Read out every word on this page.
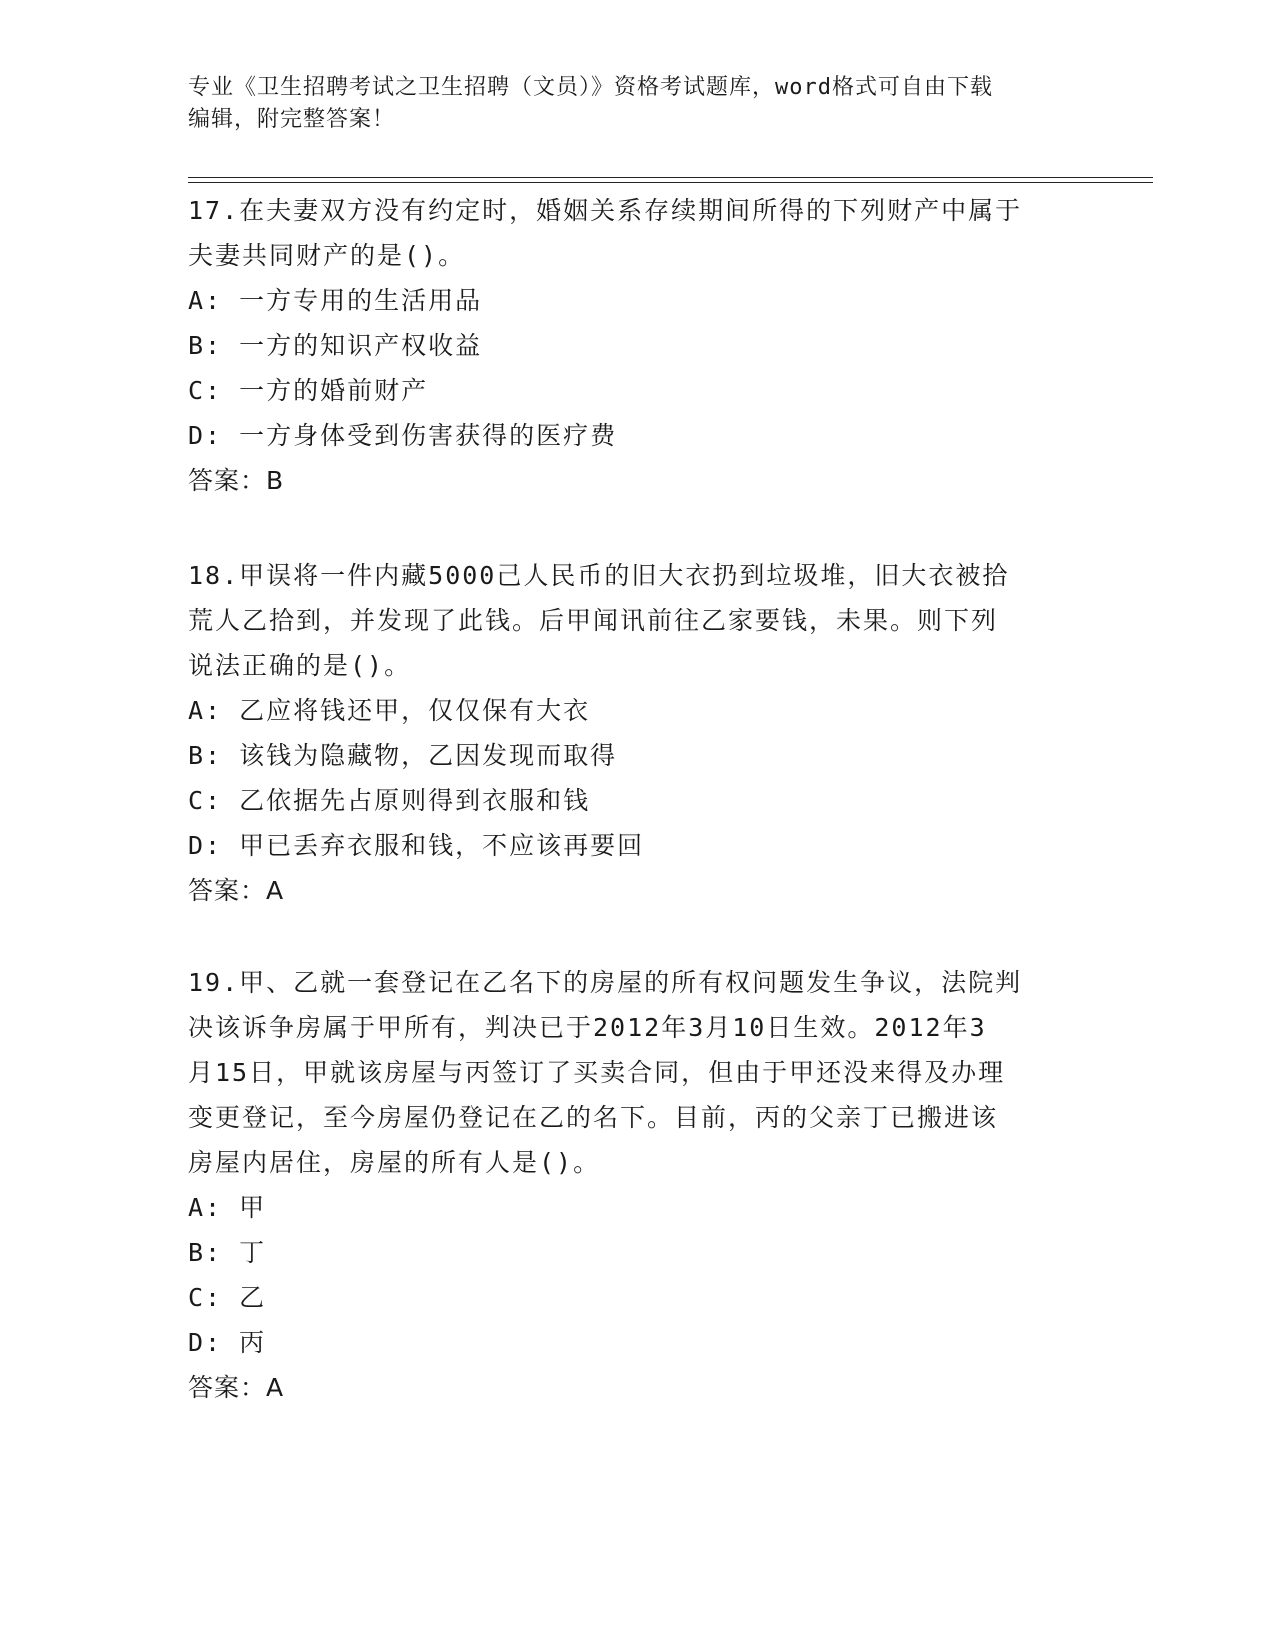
专业《卫生招聘考试之卫生招聘（文员）》资格考试题库，word格式可自由下载
编辑，附完整答案！
17.在夫妻双方没有约定时，婚姻关系存续期间所得的下列财产中属于
夫妻共同财产的是()。
A: 一方专用的生活用品
B: 一方的知识产权收益
C: 一方的婚前财产
D: 一方身体受到伤害获得的医疗费
答案：B
18.甲误将一件内藏5000己人民币的旧大衣扔到垃圾堆，旧大衣被拾
荒人乙拾到，并发现了此钱。后甲闻讯前往乙家要钱，未果。则下列
说法正确的是()。
A: 乙应将钱还甲，仅仅保有大衣
B: 该钱为隐藏物，乙因发现而取得
C: 乙依据先占原则得到衣服和钱
D: 甲已丢弃衣服和钱，不应该再要回
答案：A
19.甲、乙就一套登记在乙名下的房屋的所有权问题发生争议，法院判
决该诉争房属于甲所有，判决已于2012年3月10日生效。2012年3
月15日，甲就该房屋与丙签订了买卖合同，但由于甲还没来得及办理
变更登记，至今房屋仍登记在乙的名下。目前，丙的父亲丁已搬进该
房屋内居住，房屋的所有人是()。
A: 甲
B: 丁
C: 乙
D: 丙
答案：A
